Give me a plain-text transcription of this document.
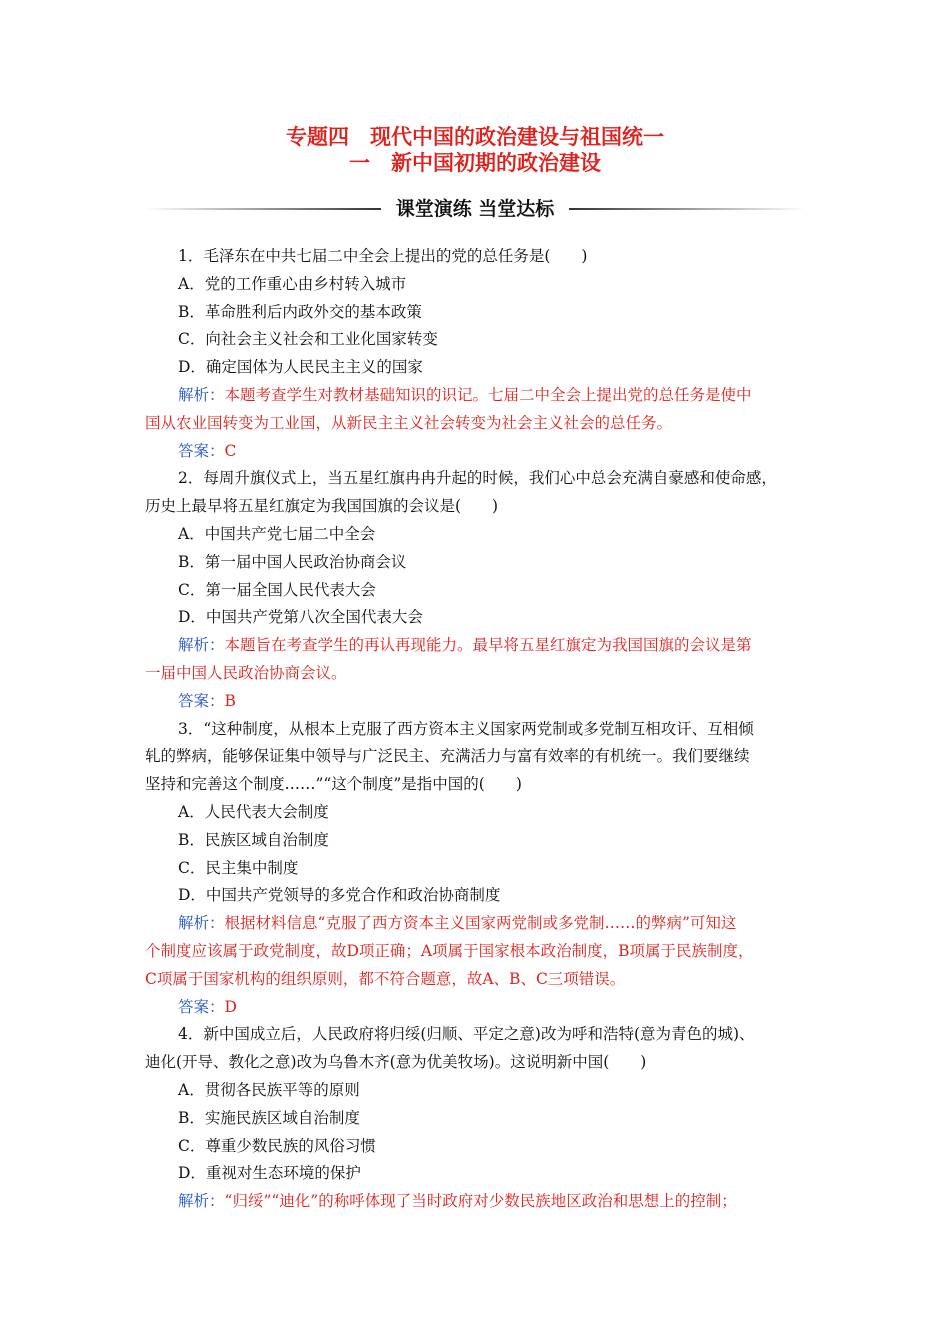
专题四　现代中国的政治建设与祖国统一
一　新中国初期的政治建设
课堂演练 当堂达标
1．毛泽东在中共七届二中全会上提出的党的总任务是(　　)
A．党的工作重心由乡村转入城市
B．革命胜利后内政外交的基本政策
C．向社会主义社会和工业化国家转变
D．确定国体为人民民主主义的国家
解析：本题考查学生对教材基础知识的识记。七届二中全会上提出党的总任务是使中
国从农业国转变为工业国，从新民主主义社会转变为社会主义社会的总任务。
答案：C
2．每周升旗仪式上，当五星红旗冉冉升起的时候，我们心中总会充满自豪感和使命感，
历史上最早将五星红旗定为我国国旗的会议是(　　)
A．中国共产党七届二中全会
B．第一届中国人民政治协商会议
C．第一届全国人民代表大会
D．中国共产党第八次全国代表大会
解析：本题旨在考查学生的再认再现能力。最早将五星红旗定为我国国旗的会议是第
一届中国人民政治协商会议。
答案：B
3．“这种制度，从根本上克服了西方资本主义国家两党制或多党制互相攻讦、互相倾
轧的弊病，能够保证集中领导与广泛民主、充满活力与富有效率的有机统一。我们要继续
坚持和完善这个制度……”“这个制度”是指中国的(　　)
A．人民代表大会制度
B．民族区域自治制度
C．民主集中制度
D．中国共产党领导的多党合作和政治协商制度
解析：根据材料信息“克服了西方资本主义国家两党制或多党制……的弊病”可知这
个制度应该属于政党制度，故D项正确；A项属于国家根本政治制度，B项属于民族制度，
C项属于国家机构的组织原则，都不符合题意，故A、B、C三项错误。
答案：D
4．新中国成立后，人民政府将归绥(归顺、平定之意)改为呼和浩特(意为青色的城)、
迪化(开导、教化之意)改为乌鲁木齐(意为优美牧场)。这说明新中国(　　)
A．贯彻各民族平等的原则
B．实施民族区域自治制度
C．尊重少数民族的风俗习惯
D．重视对生态环境的保护
解析：“归绥”“迪化”的称呼体现了当时政府对少数民族地区政治和思想上的控制；
